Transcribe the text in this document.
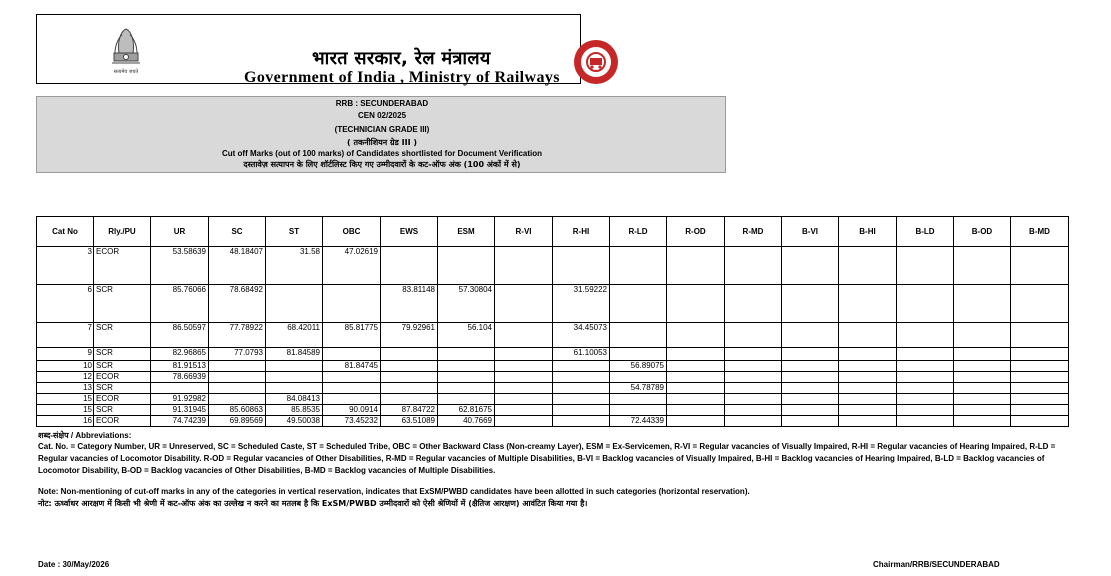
सत्यमेव जयते
भारत सरकार, रेल मंत्रालय
Government of India , Ministry of Railways
RRB : SECUNDERABAD
CEN 02/2025
(TECHNICIAN GRADE III)
( तकनीशियन ग्रेड III )
Cut off Marks (out of 100 marks) of Candidates shortlisted for Document Verification
दस्तावेज़ सत्यापन के लिए शॉर्टलिस्ट किए गए उम्मीदवारों के कट-ऑफ अंक (100 अंकों में से)
Cat No	Rly./PU	UR	SC	ST	OBC	EWS	ESM	R-VI	R-HI	R-LD	R-OD	R-MD	B-VI	B-HI	B-LD	B-OD	B-MD
3	ECOR	53.58639	48.18407	31.58	47.02619												
6	SCR	85.76066	78.68492			83.81148	57.30804		31.59222								
7	SCR	86.50597	77.78922	68.42011	85.81775	79.92961	56.104		34.45073								
9	SCR	82.96865	77.0793	81.84589					61.10053								
10	SCR	81.91513			81.84745					56.89075							
12	ECOR	78.66939															
13	SCR									54.78789							
15	ECOR	91.92982		84.08413													
15	SCR	91.31945	85.60863	85.8535	90.0914	87.84722	62.81675										
16	ECOR	74.74239	69.89569	49.50038	73.45232	63.51089	40.7669			72.44339							
शब्द-संक्षेप / Abbreviations:
Cat. No. = Category Number, UR = Unreserved, SC = Scheduled Caste, ST = Scheduled Tribe, OBC = Other Backward Class (Non-creamy Layer), ESM = Ex-Servicemen, R-VI = Regular vacancies of Visually Impaired, R-HI = Regular vacancies of Hearing Impaired, R-LD = Regular vacancies of Locomotor Disability. R-OD = Regular vacancies of Other Disabilities, R-MD = Regular vacancies of Multiple Disabilities, B-VI = Backlog vacancies of Visually Impaired, B-HI = Backlog vacancies of Hearing Impaired, B-LD = Backlog vacancies of Locomotor Disability, B-OD = Backlog vacancies of Other Disabilities, B-MD = Backlog vacancies of Multiple Disabilities.
Note: Non-mentioning of cut-off marks in any of the categories in vertical reservation, indicates that ExSM/PWBD candidates have been allotted in such categories (horizontal reservation).
नोट: ऊर्ध्वाधर आरक्षण में किसी भी श्रेणी में कट-ऑफ अंक का उल्लेख न करने का मतलब है कि ExSM/PWBD उम्मीदवारों को ऐसी श्रेणियों में (क्षैतिज आरक्षण) आवंटित किया गया है।
Date : 30/May/2026	Chairman/RRB/SECUNDERABAD
